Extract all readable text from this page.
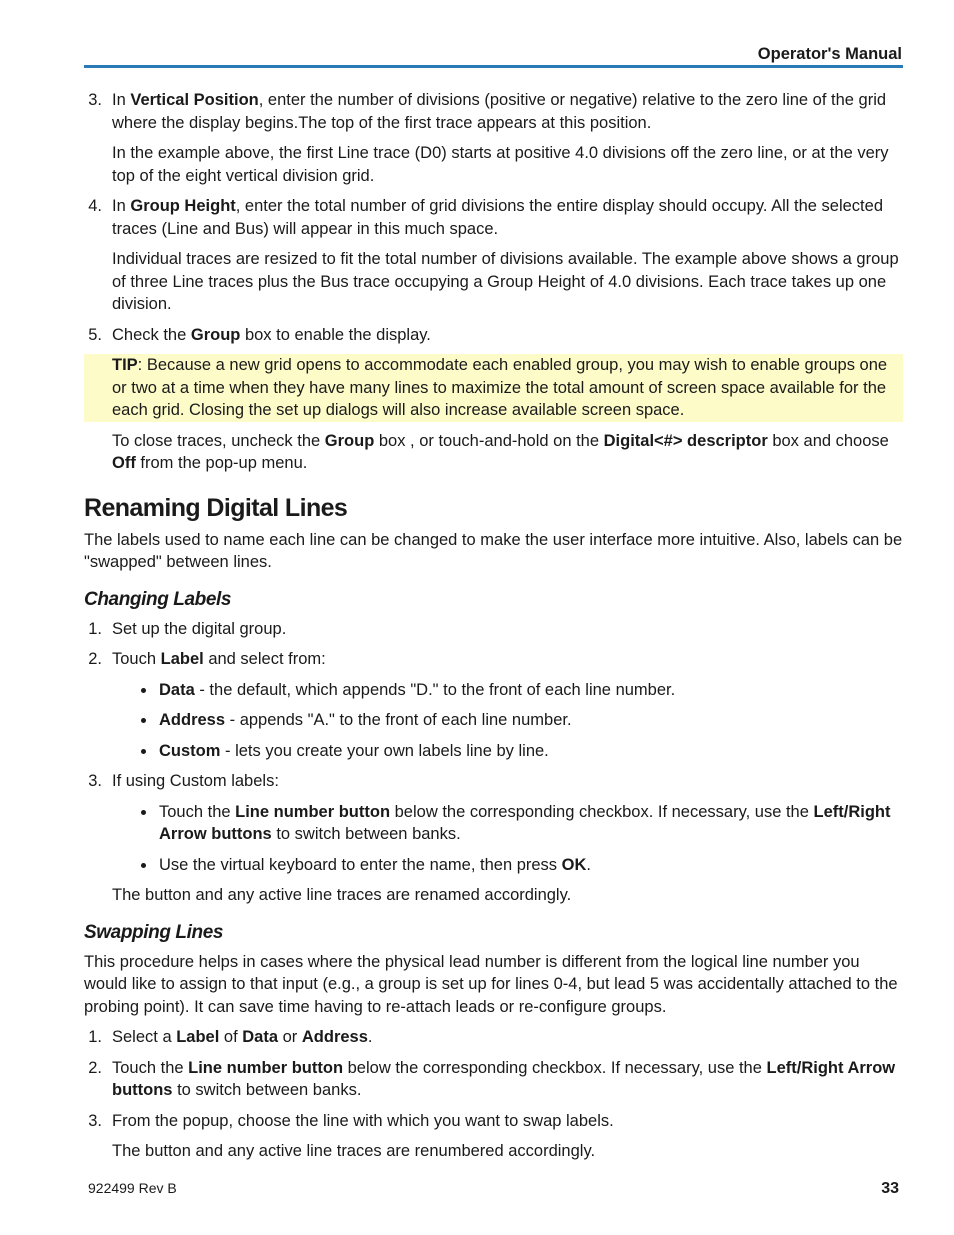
Operator's Manual
3. In Vertical Position, enter the number of divisions (positive or negative) relative to the zero line of the grid where the display begins.The top of the first trace appears at this position.

In the example above, the first Line trace (D0) starts at positive 4.0 divisions off the zero line, or at the very top of the eight vertical division grid.

4. In Group Height, enter the total number of grid divisions the entire display should occupy. All the selected traces (Line and Bus) will appear in this much space.

Individual traces are resized to fit the total number of divisions available. The example above shows a group of three Line traces plus the Bus trace occupying a Group Height of 4.0 divisions. Each trace takes up one division.

5. Check the Group box to enable the display.

TIP: Because a new grid opens to accommodate each enabled group, you may wish to enable groups one or two at a time when they have many lines to maximize the total amount of screen space available for the each grid. Closing the set up dialogs will also increase available screen space.

To close traces, uncheck the Group box , or touch-and-hold on the Digital<#> descriptor box and choose Off from the pop-up menu.

Renaming Digital Lines

The labels used to name each line can be changed to make the user interface more intuitive. Also, labels can be "swapped" between lines.

Changing Labels
1. Set up the digital group.
2. Touch Label and select from:
Data - the default, which appends "D." to the front of each line number.
Address - appends "A." to the front of each line number.
Custom - lets you create your own labels line by line.
3. If using Custom labels:
Touch the Line number button below the corresponding checkbox. If necessary, use the Left/Right Arrow buttons to switch between banks.
Use the virtual keyboard to enter the name, then press OK.

The button and any active line traces are renamed accordingly.

Swapping Lines

This procedure helps in cases where the physical lead number is different from the logical line number you would like to assign to that input (e.g., a group is set up for lines 0-4, but lead 5 was accidentally attached to the probing point). It can save time having to re-attach leads or re-configure groups.

1. Select a Label of Data or Address.
2. Touch the Line number button below the corresponding checkbox. If necessary, use the Left/Right Arrow buttons to switch between banks.
3. From the popup, choose the line with which you want to swap labels.

The button and any active line traces are renumbered accordingly.

922499 Rev B	33
